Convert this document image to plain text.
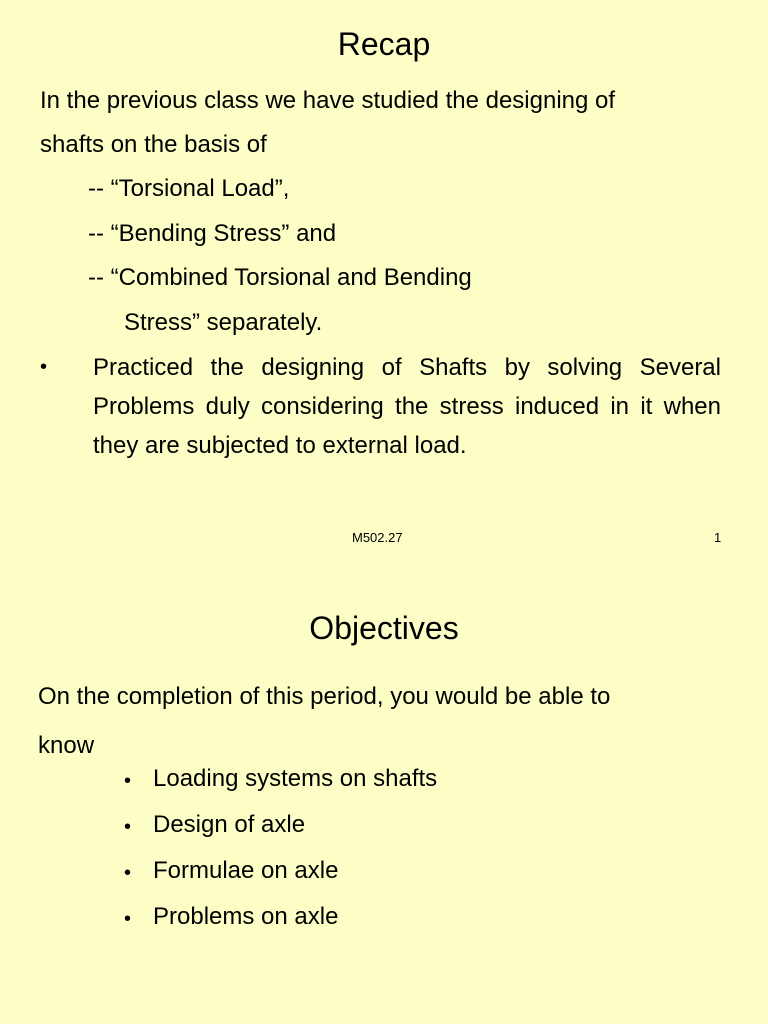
Recap
In the previous class we have studied the designing of
shafts on the basis of
-- “Torsional Load”,
-- “Bending Stress” and
-- “Combined Torsional and Bending
Stress” separately.
• Practiced the designing of Shafts by solving Several Problems duly considering the stress induced in it when they are subjected to external load.
M502.27	1
Objectives
On the completion of this period, you would be able to
know
• Loading systems on shafts
• Design of axle
• Formulae on axle
• Problems on axle
